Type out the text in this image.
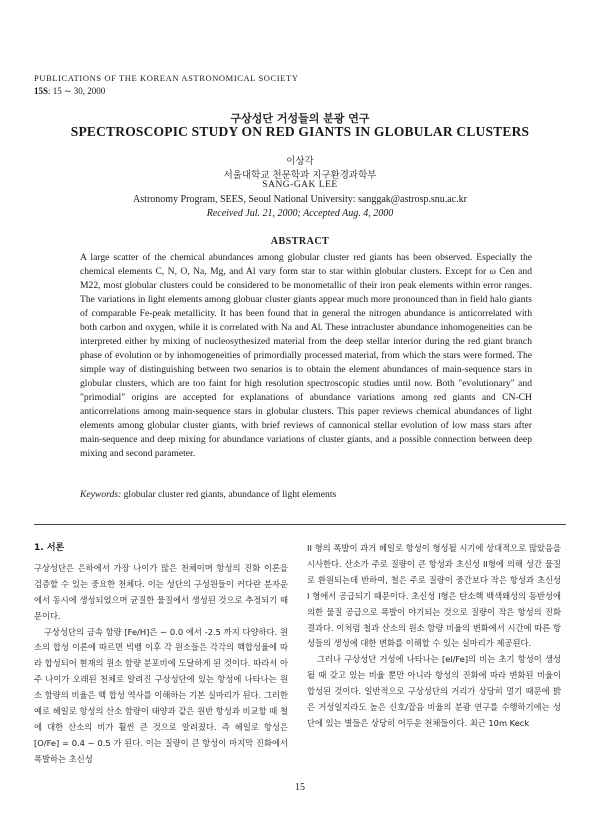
PUBLICATIONS OF THE KOREAN ASTRONOMICAL SOCIETY
15S: 15 ∼ 30, 2000
구상성단 거성들의 분광 연구
SPECTROSCOPIC STUDY ON RED GIANTS IN GLOBULAR CLUSTERS
이상각
서울대학교 천문학과 지구환경과학부
SANG-GAK LEE
Astronomy Program, SEES, Seoul National University: sanggak@astrosp.snu.ac.kr
Received Jul. 21, 2000; Accepted Aug. 4, 2000
ABSTRACT
A large scatter of the chemical abundances among globular cluster red giants has been observed. Especially the chemical elements C, N, O, Na, Mg, and Al vary form star to star within globular clusters. Except for ω Cen and M22, most globular clusters could be considered to be monometallic of their iron peak elements within error ranges. The variations in light elements among globuar cluster giants appear much more pronounced than in field halo giants of comparable Fe-peak metallicity. It has been found that in general the nitrogen abundance is anticorrelated with both carbon and oxygen, while it is correlated with Na and Al. These intracluster abundance inhomogeneities can be interpreted either by mixing of nucleosythesized material from the deep stellar interior during the red giant branch phase of evolution or by inhomogeneities of primordially processed material, from which the stars were formed. The simple way of distinguishing between two senarios is to obtain the element abundances of main-sequence stars in globular clusters, which are too faint for high resolution spectroscopic studies until now. Both "evolutionary" and "primodial" origins are accepted for explanations of abundance variations among red giants and CN-CH anticorrelations among main-sequence stars in globular clusters. This paper reviews chemical abundances of light elements among globular cluster giants, with brief reviews of cannonical stellar evolution of low mass stars after main-sequence and deep mixing for abundance variations of cluster giants, and a possible connection between deep mixing and second parameter.
Keywords: globular cluster red giants, abundance of light elements
1. 서론

구상성단은 은하에서 가장 나이가 많은 천체이며 항성의 진화 이론을 검증할 수 있는 중요한 천체다. 이는 성단의 구성원들이 커다란 분자운에서 동시에 생성되었으며 균질한 물질에서 생성된 것으로 추정되기 때문이다.

구상성단의 금속 함량 [Fe/H]은 ∼ 0.0 에서 -2.5 까지 다양하다. 원소의 합성 이론에 따르면 빅뱅 이후 각 원소들은 각각의 핵합성율에 따라 합성되어 현재의 원소 함량 분포비에 도달하게 된 것이다. 따라서 아주 나이가 오래된 천체로 알려진 구상성단에 있는 항성에 나타나는 원소 함량의 비율은 핵 합성 역사를 이해하는 기본 실마리가 된다. 그러한 예로 헤일로 항성의 산소 함량이 태양과 같은 원반 항성과 비교할 때 철에 대한 산소의 비가 훨씬 큰 것으로 알려졌다. 즉 헤일로 항성은 [O/Fe] = 0.4 ∼ 0.5 가 된다. 이는 질량이 큰 항성이 마지막 진화에서 폭발하는 초신성

II 형의 폭발이 과거 헤일로 항성이 형성될 시기에 상대적으로 많았음을 시사한다. 산소가 주로 질량이 큰 항성과 초신성 II형에 의해 성간 물질로 환원되는데 반하여, 철은 주로 질량이 중간보다 작은 항성과 초신성 I 형에서 공급되기 때문이다. 초신성 I형은 탄소핵 백색왜성의 동반성에 의한 물질 공급으로 폭발이 야기되는 것으로 질량이 작은 항성의 진화 결과다. 이처럼 철과 산소의 원소 함량 비율의 변화에서 시간에 따른 항성들의 생성에 대한 변화를 이해할 수 있는 실마리가 제공된다.

그러나 구상성단 거성에 나타나는 [el/Fe]의 비는 초기 항성이 생성될 때 갖고 있는 비율 뿐만 아니라 항성의 진화에 따라 변화된 비율이 합성된 것이다. 일반적으로 구상성단의 거리가 상당히 멀기 때문에 밝은 거성일지라도 높은 신호/잡음 비율의 분광 연구를 수행하기에는 성단에 있는 별들은 상당히 어두운 천체들이다. 최근 10m Keck

15
